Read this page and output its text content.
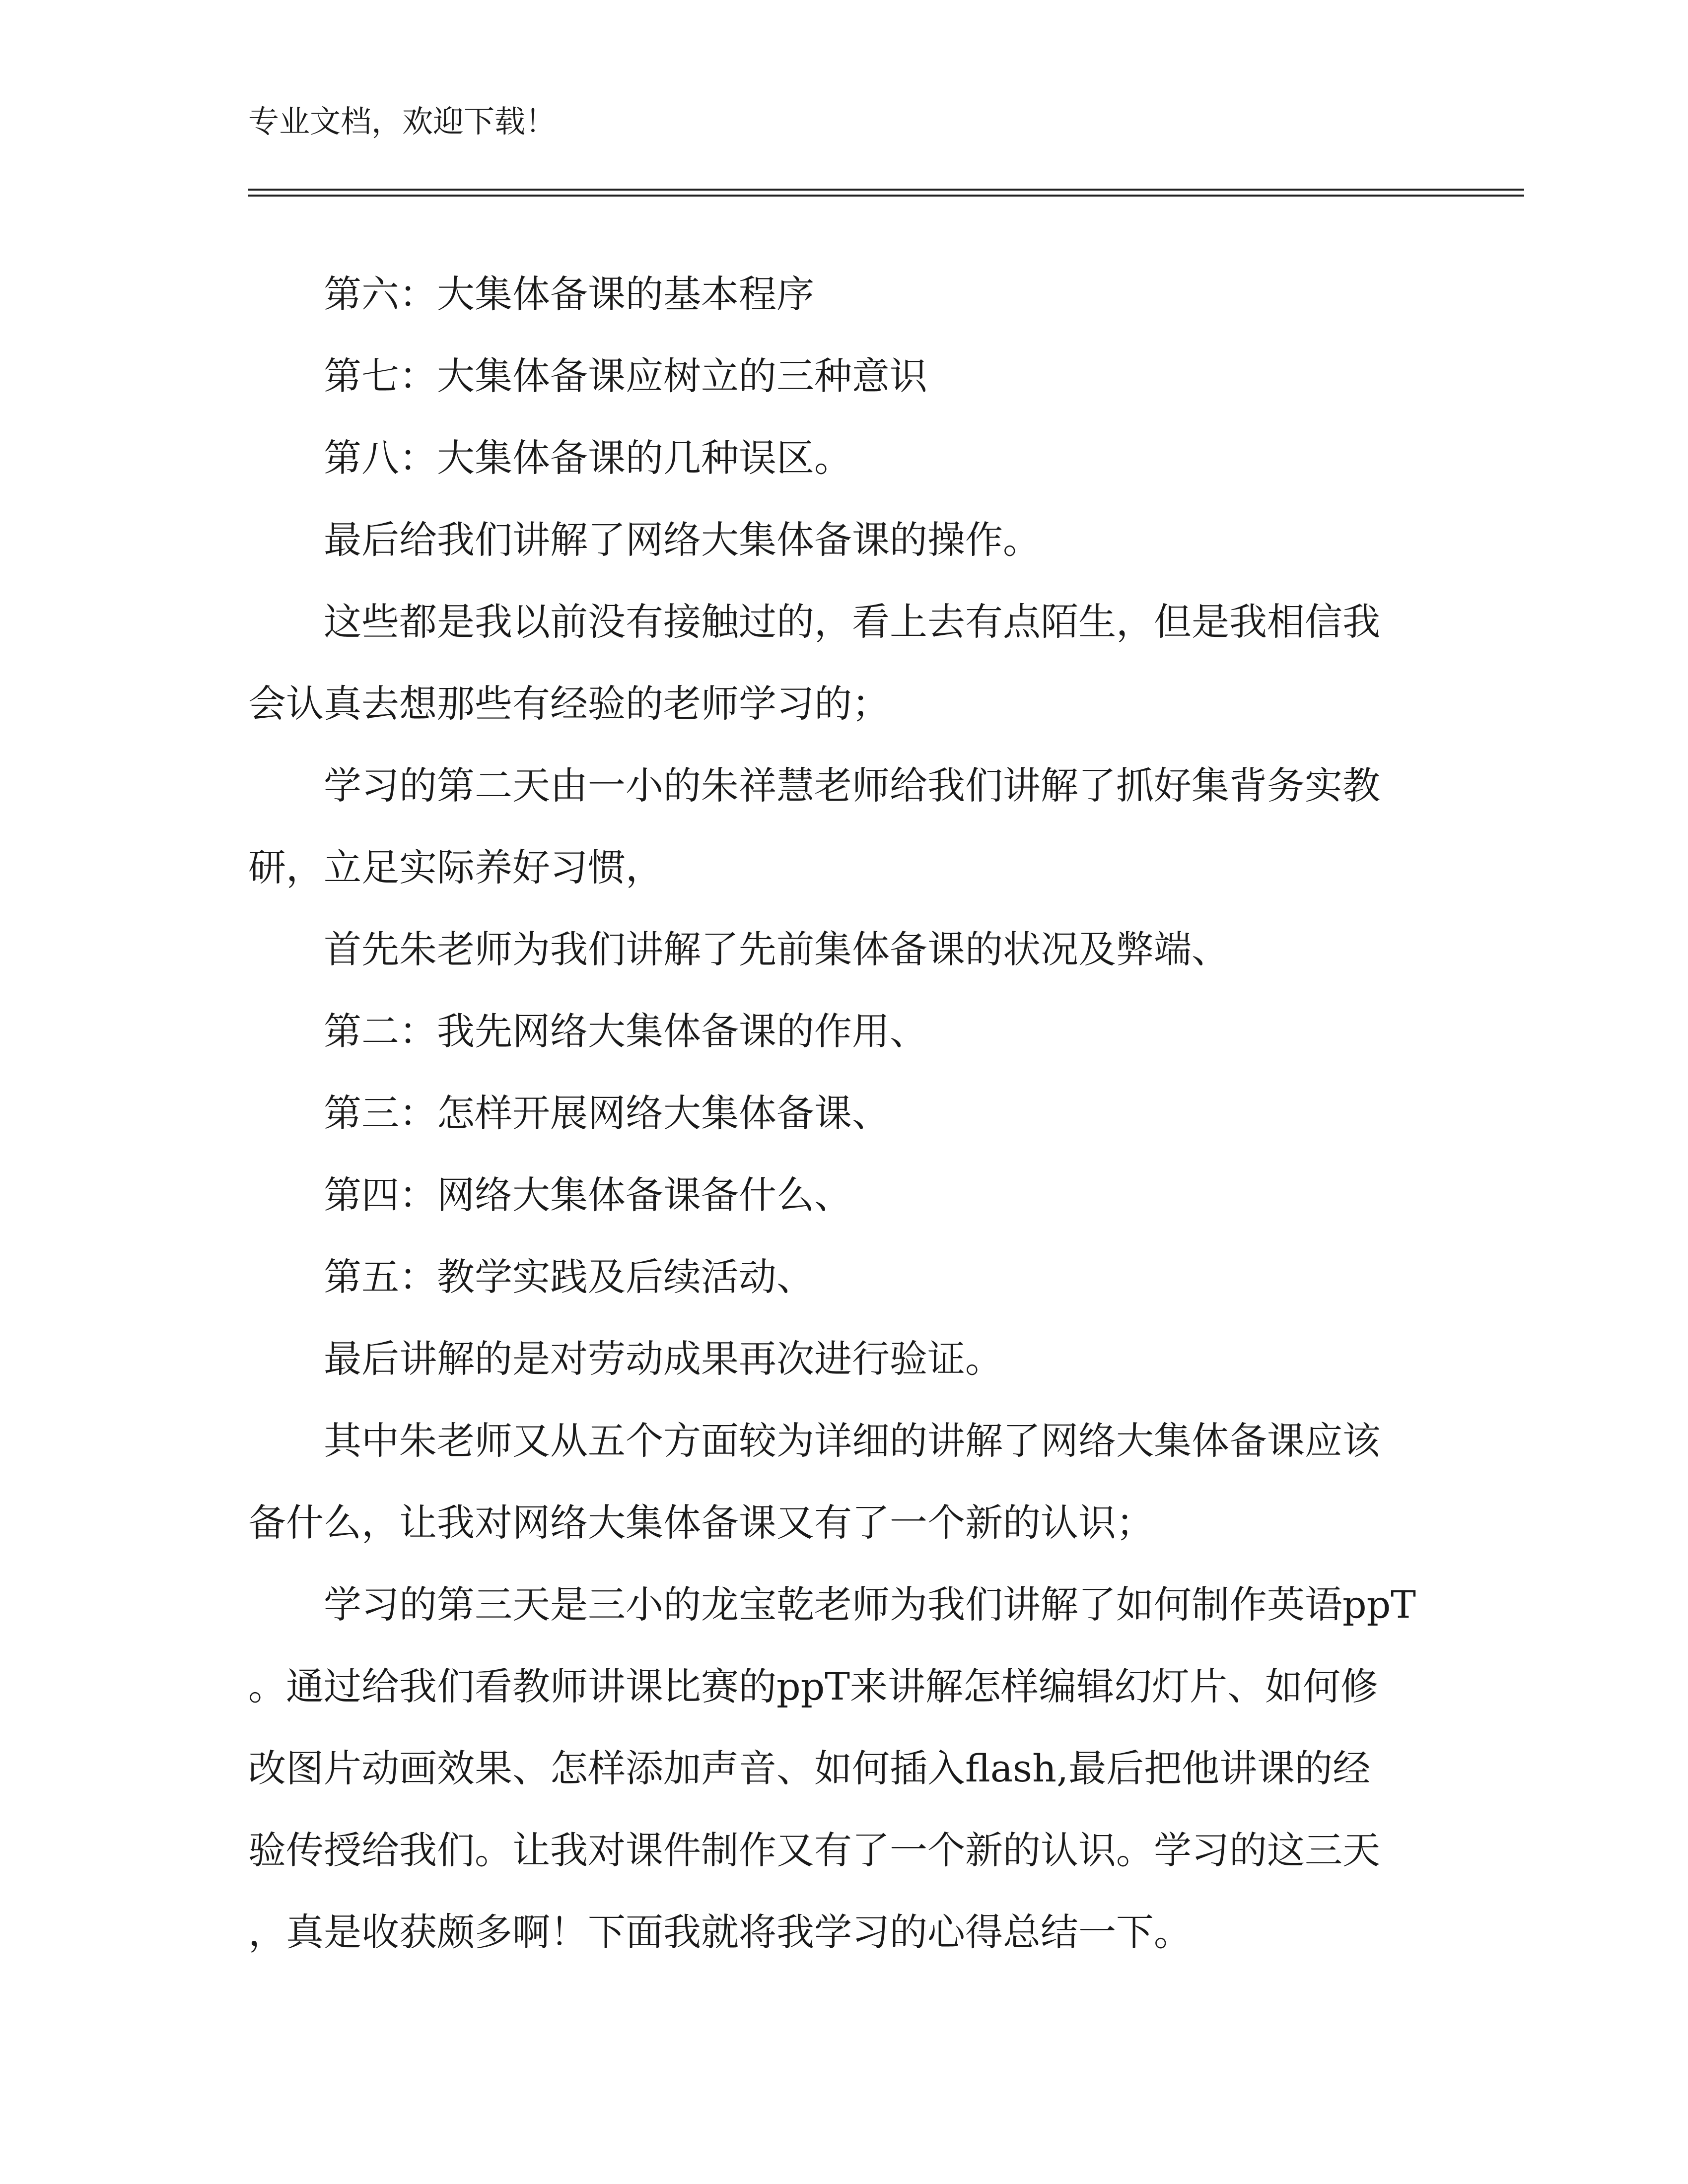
专业文档，欢迎下载！
第六：大集体备课的基本程序
第七：大集体备课应树立的三种意识
第八：大集体备课的几种误区。
最后给我们讲解了网络大集体备课的操作。
这些都是我以前没有接触过的，看上去有点陌生，但是我相信我
会认真去想那些有经验的老师学习的；
学习的第二天由一小的朱祥慧老师给我们讲解了抓好集背务实教
研，立足实际养好习惯，
首先朱老师为我们讲解了先前集体备课的状况及弊端、
第二：我先网络大集体备课的作用、
第三：怎样开展网络大集体备课、
第四：网络大集体备课备什么、
第五：教学实践及后续活动、
最后讲解的是对劳动成果再次进行验证。
其中朱老师又从五个方面较为详细的讲解了网络大集体备课应该
备什么，让我对网络大集体备课又有了一个新的认识；
学习的第三天是三小的龙宝乾老师为我们讲解了如何制作英语ppT
。通过给我们看教师讲课比赛的ppT来讲解怎样编辑幻灯片、如何修
改图片动画效果、怎样添加声音、如何插入flash,最后把他讲课的经
验传授给我们。让我对课件制作又有了一个新的认识。学习的这三天
，真是收获颇多啊！下面我就将我学习的心得总结一下。
